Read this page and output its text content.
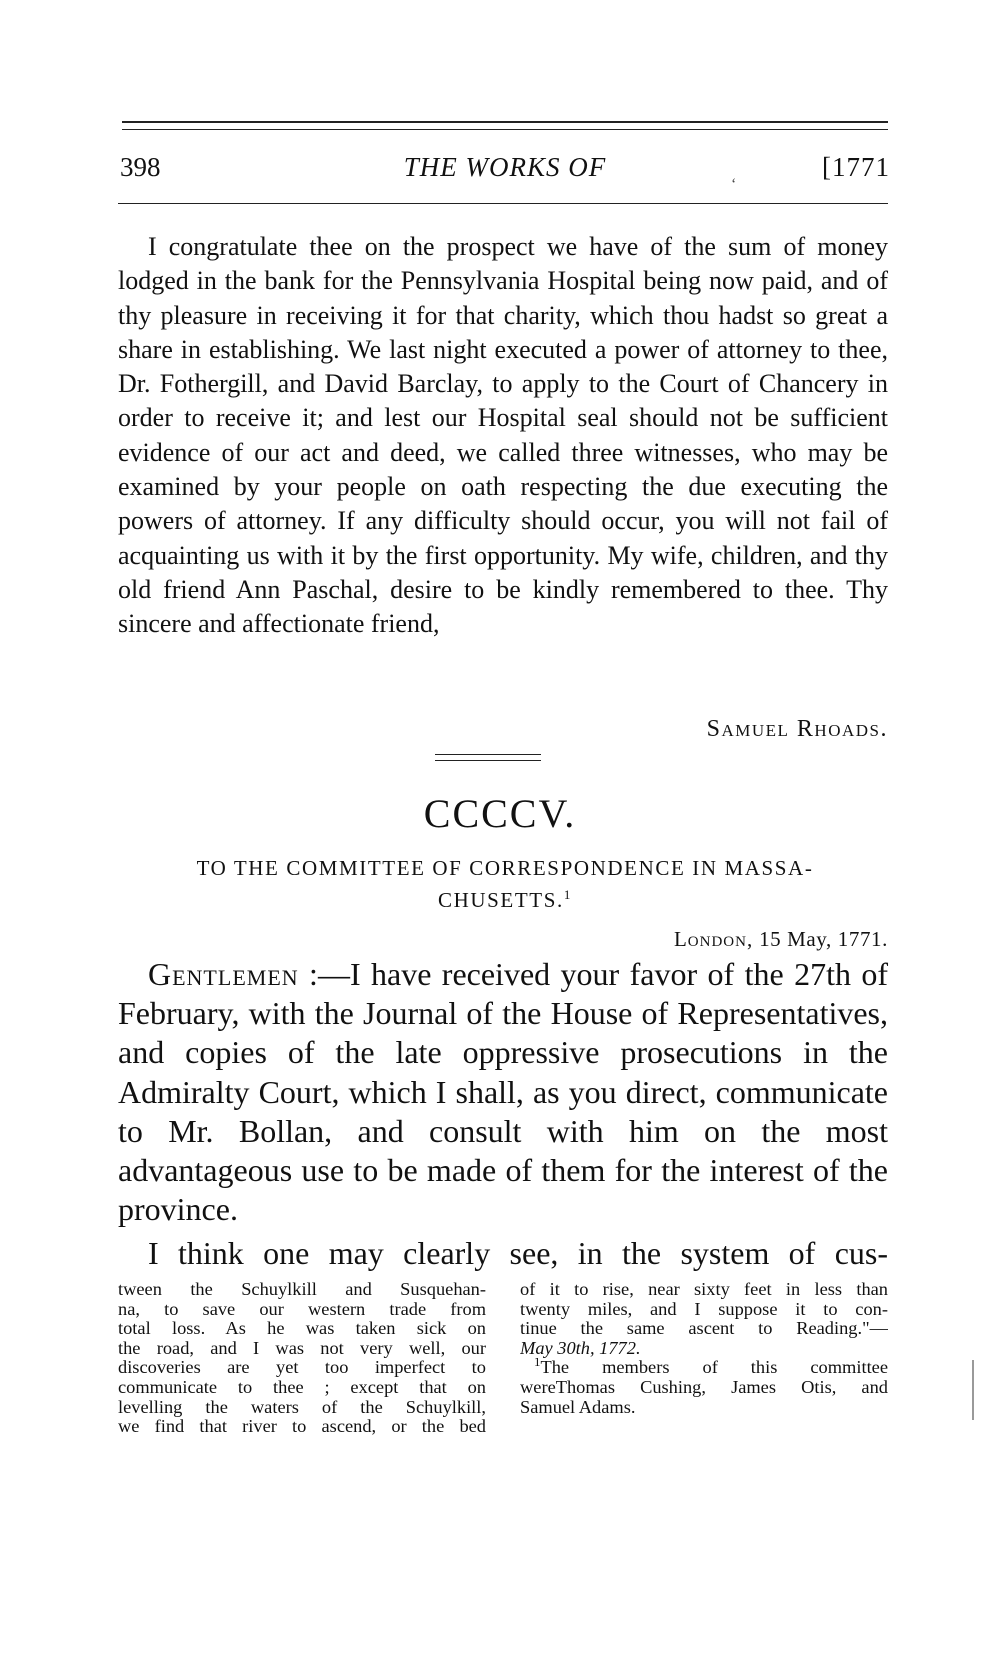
398	THE WORKS OF	[1771
ʻ

I congratulate thee on the prospect we have of the sum of money lodged in the bank for the Pennsylvania Hospital being now paid, and of thy pleasure in receiving it for that charity, which thou hadst so great a share in establishing. We last night executed a power of attorney to thee, Dr. Fothergill, and David Barclay, to apply to the Court of Chancery in order to receive it; and lest our Hospital seal should not be sufficient evidence of our act and deed, we called three witnesses, who may be examined by your people on oath respecting the due executing the powers of attorney. If any difficulty should occur, you will not fail of acquainting us with it by the first opportunity. My wife, children, and thy old friend Ann Paschal, desire to be kindly remembered to thee. Thy sincere and affectionate friend,

Samuel Rhoads.
CCCCV.
TO THE COMMITTEE OF CORRESPONDENCE IN MASSA-
CHUSETTS.$^1$
London, 15 May, 1771.

Gentlemen :—I have received your favor of the 27th of February, with the Journal of the House of Representatives, and copies of the late oppressive prosecutions in the Admiralty Court, which I shall, as you direct, communicate to Mr. Bollan, and consult with him on the most advantageous use to be made of them for the interest of the province.

I think one may clearly see, in the system of cus-
tween the Schuylkill and Susquehan-
na, to save our western trade from
total loss. As he was taken sick on
the road, and I was not very well, our
discoveries are yet too imperfect to
communicate to thee ; except that on
levelling the waters of the Schuylkill,
we find that river to ascend, or the bed
of it to rise, near sixty feet in less than
twenty miles, and I suppose it to con-
tinue the same ascent to Reading."—
May 30th, 1772.
$^1$The members of this committee
wereThomas Cushing, James Otis, and
Samuel Adams.
